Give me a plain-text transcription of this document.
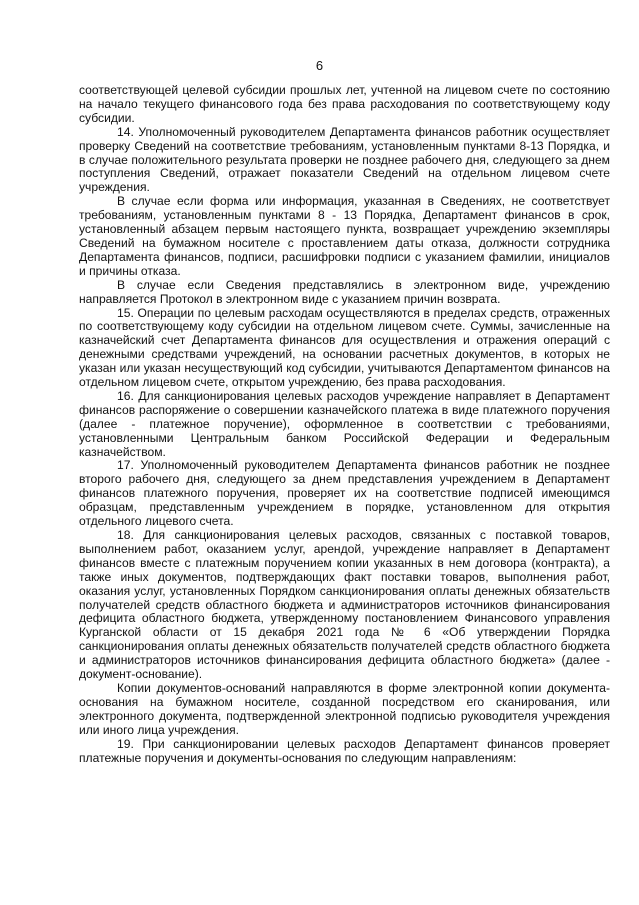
6

соответствующей целевой субсидии прошлых лет, учтенной на лицевом счете по состоянию на начало текущего финансового года без права расходования по соответствующему коду субсидии.

14. Уполномоченный руководителем Департамента финансов работник осуществляет проверку Сведений на соответствие требованиям, установленным пунктами 8-13 Порядка, и в случае положительного результата проверки не позднее рабочего дня, следующего за днем поступления Сведений, отражает показатели Сведений на отдельном лицевом счете учреждения.

В случае если форма или информация, указанная в Сведениях, не соответствует требованиям, установленным пунктами 8 - 13 Порядка, Департамент финансов в срок, установленный абзацем первым настоящего пункта, возвращает учреждению экземпляры Сведений на бумажном носителе с проставлением даты отказа, должности сотрудника Департамента финансов, подписи, расшифровки подписи с указанием фамилии, инициалов и причины отказа.

В случае если Сведения представлялись в электронном виде, учреждению направляется Протокол в электронном виде с указанием причин возврата.

15. Операции по целевым расходам осуществляются в пределах средств, отраженных по соответствующему коду субсидии на отдельном лицевом счете. Суммы, зачисленные на казначейский счет Департамента финансов для осуществления и отражения операций с денежными средствами учреждений, на основании расчетных документов, в которых не указан или указан несуществующий код субсидии, учитываются Департаментом финансов на отдельном лицевом счете, открытом учреждению, без права расходования.

16. Для санкционирования целевых расходов учреждение направляет в Департамент финансов распоряжение о совершении казначейского платежа в виде платежного поручения (далее - платежное поручение), оформленное в соответствии с требованиями, установленными Центральным банком Российской Федерации и Федеральным казначейством.

17. Уполномоченный руководителем Департамента финансов работник не позднее второго рабочего дня, следующего за днем представления учреждением в Департамент финансов платежного поручения, проверяет их на соответствие подписей имеющимся образцам, представленным учреждением в порядке, установленном для открытия отдельного лицевого счета.

18. Для санкционирования целевых расходов, связанных с поставкой товаров, выполнением работ, оказанием услуг, арендой, учреждение направляет в Департамент финансов вместе с платежным поручением копии указанных в нем договора (контракта), а также иных документов, подтверждающих факт поставки товаров, выполнения работ, оказания услуг, установленных Порядком санкционирования оплаты денежных обязательств получателей средств областного бюджета и администраторов источников финансирования дефицита областного бюджета, утвержденному постановлением Финансового управления Курганской области от 15 декабря 2021 года № 6 «Об утверждении Порядка санкционирования оплаты денежных обязательств получателей средств областного бюджета и администраторов источников финансирования дефицита областного бюджета» (далее - документ-основание).

Копии документов-оснований направляются в форме электронной копии документа-основания на бумажном носителе, созданной посредством его сканирования, или электронного документа, подтвержденной электронной подписью руководителя учреждения или иного лица учреждения.

19. При санкционировании целевых расходов Департамент финансов проверяет платежные поручения и документы-основания по следующим направлениям:
